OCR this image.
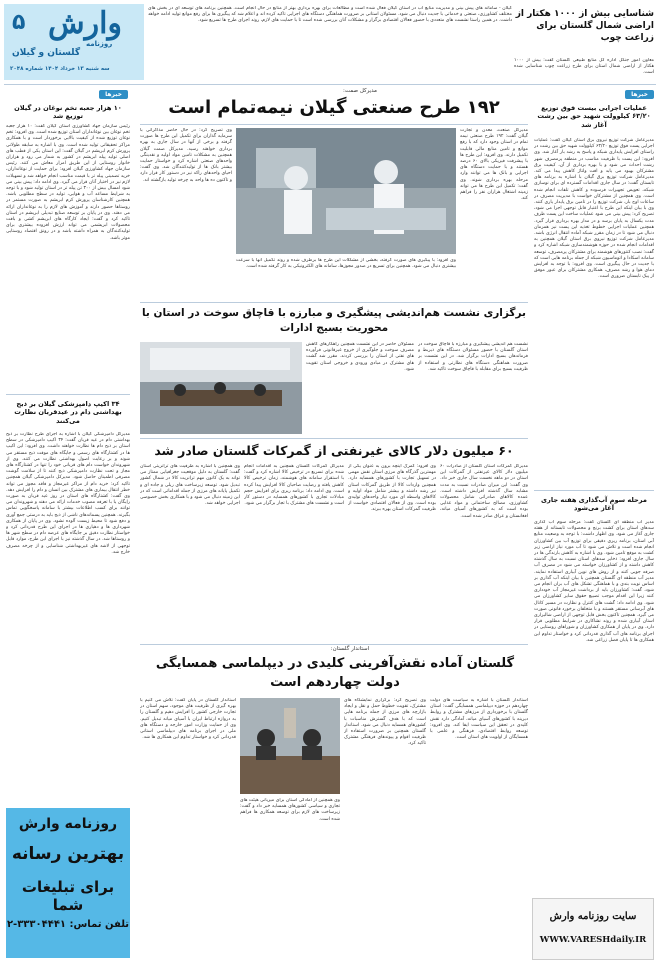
۵ وارش
روزنامه
گلستان و گیلان
سه شنبه ۱۳ خرداد ۱۴۰۴ شماره ۲۰۴۸
گیلان - سامانه های پیش بینی و مدیریت منابع آب در استان گیلان فعال شده است و مطالعات برای بهره برداری بهتر از منابع در حال انجام است. همچنین برنامه های توسعه ای در بخش های مختلف کشاورزی، صنعتی و خدماتی با جدیت دنبال می شود. مسئولان استانی بر ضرورت هماهنگی دستگاه های اجرایی تاکید کرده اند و اعلام شد که پیگیری ها برای رفع موانع تولید ادامه خواهد داشت. در همین راستا نشست های متعددی با حضور فعالان اقتصادی برگزار و مشکلات آنان بررسی شده است تا با حمایت های لازم، روند اجرای طرح ها تسریع شود.
شناسایی بیش از ۱۰۰۰ هکتار از اراضی شمال گلستان برای زراعت چوب
معاون امور جنگل اداره کل منابع طبیعی گلستان گفت: بیش از ۱۰۰۰ هکتار از اراضی شمال استان برای طرح زراعت چوب شناسایی شده است.
خبرها
عملیات اجرایی بیست فوق توزیع ۶۳/۲۰ کیلوولت شهید حق بین رشت آغاز شد
مدیرعامل شرکت توزیع نیروی برق استان گیلان گفت: عملیات اجرایی پست فوق توزیع ۶۳/۲۰ کیلوولت شهید حق بین رشت در راستای افزایش پایداری شبکه و پاسخ به رشد بار آغاز شد. وی افزود: این پست با ظرفیت مناسب در منطقه پرمصرف شهر رشت احداث می شود و با بهره برداری از آن، کیفیت برق مشترکان بهبود می یابد و افت ولتاژ کاهش پیدا می کند. مدیرعامل شرکت توزیع برق گیلان با اشاره به برنامه های تابستان گفت: در سال جاری اقدامات گسترده ای برای نوسازی شبکه، تعویض تجهیزات فرسوده و کاهش تلفات انجام شده است. وی همچنین از مشترکان خواست با مدیریت مصرف در ساعات اوج بار، شرکت توزیع را در تامین برق پایدار یاری کنند. وی با بیان اینکه این طرح با اعتبار قابل توجهی اجرا می شود، تصریح کرد: پیش بینی می شود عملیات ساخت این پست ظرف مدت یکسال به پایان برسد و در مدار بهره برداری قرار گیرد. همچنین عملیات اجرایی خطوط تغذیه این پست نیز همزمان دنبال می شود تا در زمان مقرر شبکه آماده انتقال انرژی باشد. مدیرعامل شرکت توزیع نیروی برق استان گیلان همچنین به اقدامات انجام شده در حوزه هوشمندسازی شبکه اشاره کرد و گفت: نصب کنتورهای هوشمند برای مشترکان پرمصرف، توسعه سامانه اسکادا و اتوماسیون شبکه از جمله برنامه هایی است که با جدیت در حال پیگیری است. وی افزود: با توجه به افزایش دمای هوا و رشد مصرف، همکاری مشترکان برای عبور موفق از پیک تابستان ضروری است.
مرحله سوم آب‌گذاری هفته جاری آغاز می‌شود
مدیر آب منطقه ای گلستان گفت: مرحله سوم آب گذاری سدهای استان برای کشت برنج و محصولات تابستانه از هفته جاری آغاز می شود. وی اظهار داشت: با توجه به وضعیت منابع آبی استان، برنامه ریزی دقیقی برای توزیع آب بین کشاورزان انجام شده است و تلاش می شود تا آب مورد نیاز اراضی زیر کشت به موقع تامین شود. وی با اشاره به کاهش بارندگی ها در سال جاری افزود: ذخایر سدهای استان نسبت به سال گذشته کاهش داشته و از کشاورزان خواسته می شود در مصرف آب صرفه جویی کنند و از روش های نوین آبیاری استفاده نمایند. مدیر آب منطقه ای گلستان همچنین با بیان اینکه آب گذاری بر اساس نوبت بندی و با هماهنگی تشکل های آب بران انجام می شود، گفت: کشاورزان باید از برداشت غیرمجاز آب خودداری کنند زیرا این اقدام موجب تضییع حقوق سایر کشاورزان می شود. وی ادامه داد: گشت های کنترل و نظارت در مسیر کانال های آبرسانی مستقر هستند و با متخلفان برخورد قانونی صورت می گیرد. همچنین تاکنون بخش قابل توجهی از اراضی شالیزاری استان آبیاری شده و روند نشاکاری در شرایط مطلوبی قرار دارد. وی در پایان از همکاری کشاورزان و شوراهای روستایی در اجرای برنامه های آب گذاری قدردانی کرد و خواستار تداوم این همکاری ها تا پایان فصل زراعی شد.
سایت روزنامه وارش
WWW.VARESHdaily.IR
خبرها
۱۰ هزار جعبه تخم نوغان در گیلان توزیع شد
رئیس سازمان جهاد کشاورزی استان گیلان گفت: ۱۰ هزار جعبه تخم نوغان بین نوغانداران استان توزیع شده است. وی افزود: تخم نوغان توزیع شده از کیفیت بالایی برخوردار است و با همکاری مراکز تحقیقاتی تولید شده است. وی با اشاره به سابقه طولانی پرورش کرم ابریشم در گیلان گفت: این استان یکی از قطب های اصلی تولید پیله ابریشم در کشور به شمار می رود و هزاران خانوار روستایی از این طریق امرار معاش می کنند. رئیس سازمان جهاد کشاورزی گیلان افزود: برای حمایت از نوغانداران، خرید تضمینی پیله تر با قیمت مناسب انجام خواهد شد و تسهیلات لازم نیز در اختیار آنان قرار می گیرد. وی ادامه داد: پیش بینی می شود امسال بیش از ۳۰۰ تن پیله تر در استان تولید شود و با توجه به شرایط مساعد آب و هوایی، تولید در سطح مطلوبی باشد. همچنین کارشناسان پرورش کرم ابریشم به صورت مستمر در روستاها حضور دارند و آموزش های لازم را به نوغانداران ارائه می دهند. وی در پایان بر توسعه صنایع تبدیلی ابریشم در استان تاکید کرد و گفت: ایجاد کارگاه های ابریشم کشی و بافت محصولات ابریشمی می تواند ارزش افزوده بیشتری برای تولیدکنندگان به همراه داشته باشد و در رونق اقتصاد روستایی موثر باشد.
۳۴ اکیپ دامپزشکی گیلان بر ذبح بهداشتی دام در عیدقربان نظارت می‌کنند
مدیرکل دامپزشکی گیلان با اشاره به اجرای طرح نظارت بر ذبح بهداشتی دام در عید قربان گفت: ۳۴ اکیپ دامپزشکی در سطح استان بر ذبح دام ها نظارت خواهند داشت. وی افزود: این اکیپ ها در کشتارگاه های رسمی و جایگاه های موقت ذبح مستقر می شوند و بر رعایت اصول بهداشتی نظارت می کنند. وی از شهروندان خواست دام های قربانی خود را تنها در کشتارگاه های مجاز و تحت نظارت دامپزشکی ذبح کنند تا از سلامت گوشت مصرفی اطمینان حاصل شود. مدیرکل دامپزشکی گیلان همچنین تاکید کرد: خرید دام از مراکز غیرمجاز و فاقد مجوز می تواند خطر انتقال بیماری های مشترک بین انسان و دام را افزایش دهد. وی گفت: کشتارگاه های استان در روز عید قربان به صورت رایگان یا با تعرفه مصوب خدمات ارائه می دهند و شهروندان می توانند برای کسب اطلاعات بیشتر با سامانه پاسخگویی تماس بگیرند. همچنین پسماندهای ناشی از ذبح باید به درستی جمع آوری و دفع شود تا محیط زیست آلوده نشود. وی در پایان از همکاری شهرداری ها و دهیاری ها در اجرای این طرح قدردانی کرد و خواستار نظارت دقیق بر جایگاه های عرضه دام در سطح شهر ها و روستاها شد. در سال گذشته نیز با اجرای این طرح، موارد قابل توجهی از لاشه های غیربهداشتی شناسایی و از چرخه مصرف خارج شد.
روزنامه وارش
بهترین رسانه
برای تبلیغات شما
تلفن تماس: ۳۳۳۰۴۴۴۱-۲
مدیرکل صمت:
۱۹۲ طرح صنعتی گیلان نیمه‌تمام است
مدیرکل صنعت، معدن و تجارت گیلان گفت: ۱۹۲ طرح صنعتی نیمه تمام در استان وجود دارد که با رفع موانع و تامین منابع مالی قابلیت تکمیل دارند. وی افزود: این طرح ها با پیشرفت فیزیکی بالای ۶۰ درصد هستند و با حمایت دستگاه های اجرایی و بانک ها می توانند وارد مرحله بهره برداری شوند. وی گفت: تکمیل این طرح ها می تواند زمینه اشتغال هزاران نفر را فراهم کند.
وی تصریح کرد: در حال حاضر مذاکراتی با سرمایه گذاران برای تکمیل این طرح ها صورت گرفته و برخی از آنها در سال جاری به بهره برداری خواهند رسید. مدیرکل صمت گیلان همچنین به مشکلات تامین مواد اولیه و نقدینگی واحدهای صنعتی اشاره کرد و خواستار حمایت بیشتر بانک ها از تولیدکنندگان شد. وی گفت: احیای واحدهای راکد نیز در دستور کار قرار دارد و تاکنون ده ها واحد به چرخه تولید بازگشته اند.
وی افزود: با پیگیری های صورت گرفته، بخشی از مشکلات این طرح ها برطرف شده و روند تکمیل آنها با سرعت بیشتری دنبال می شود. همچنین برای تسریع در صدور مجوزها، سامانه های الکترونیکی به کار گرفته شده است.
برگزاری نشست هم‌اندیشی پیشگیری و مبارزه با قاچاق سوخت در استان با محوریت بسیج ادارات
نشست هم اندیشی پیشگیری و مبارزه با قاچاق سوخت در استان گلستان با حضور مسئولان دستگاه های ذیربط و فرماندهان بسیج ادارات برگزار شد. در این نشست بر ضرورت هماهنگی دستگاه های نظارتی و استفاده از ظرفیت بسیج برای مقابله با قاچاق سوخت تاکید شد.
مسئولان حاضر در این نشست همچنین راهکارهای کاهش مصرف سوخت و جلوگیری از خروج غیرقانونی فرآورده های نفتی از استان را بررسی کردند. مقرر شد گشت های مشترک در مبادی ورودی و خروجی استان تقویت شود.
۶۰ میلیون دلار کالای غیرنفتی از گمرکات گلستان صادر شد
مدیرکل گمرکات استان گلستان از صادرات ۶۰ میلیون دلار کالای غیرنفتی از گمرکات این استان در دو ماهه نخست سال جاری خبر داد. وی گفت: این میزان صادرات نسبت به مدت مشابه سال گذشته افزایش داشته است. عمده کالاهای صادراتی شامل محصولات کشاورزی، مصالح ساختمانی و مواد غذایی بوده است که به کشورهای آسیای میانه، افغانستان و عراق صادر شده است.
وی افزود: گمرک اینچه برون به عنوان یکی از مهمترین گذرگاه های مرزی استان نقش مهمی در تسهیل تجارت با کشورهای همسایه دارد. همچنین واردات کالا از طریق گمرکات استان نیز رشد داشته و بیشتر شامل مواد اولیه و کالاهای واسطه ای مورد نیاز واحدهای تولیدی بوده است. وی از فعالان اقتصادی خواست از ظرفیت گمرکات استان بهره ببرند.
مدیرکل گمرکات گلستان همچنین به اقدامات انجام شده برای تسریع در ترخیص کالا اشاره کرد و گفت: با استقرار سامانه های هوشمند، زمان ترخیص کالا کاهش یافته و رضایت صاحبان کالا افزایش پیدا کرده است. وی ادامه داد: برنامه ریزی برای افزایش حجم مبادلات تجاری با کشورهای همسایه در دستور کار است و نشست های مشترک با تجار برگزار می شود.
وی همچنین با اشاره به ظرفیت های ترانزیتی استان گفت: گلستان به دلیل موقعیت جغرافیایی ممتاز می تواند به یک کانون مهم ترانزیت کالا در شمال کشور تبدیل شود. توسعه زیرساخت های ریلی و جاده ای و تکمیل پایانه های مرزی از جمله اقداماتی است که در این زمینه دنبال می شود و با همکاری بخش خصوصی اجرایی خواهد شد.
استاندار گلستان:
گلستان آماده نقش‌آفرینی کلیدی در دیپلماسی همسایگی دولت چهاردهم است
استاندار گلستان با اشاره به سیاست های دولت چهاردهم در حوزه دیپلماسی همسایگی گفت: استان گلستان با برخورداری از مرزهای مشترک و روابط دیرینه با کشورهای آسیای میانه، آمادگی دارد نقش کلیدی در تحقق این سیاست ایفا کند. وی افزود: توسعه روابط اقتصادی، فرهنگی و علمی با همسایگان از اولویت های استان است.
وی تصریح کرد: برگزاری نمایشگاه های مشترک، تقویت خطوط حمل و نقل و ایجاد بازارچه های مرزی از جمله برنامه هایی است که با هدف گسترش مناسبات با کشورهای همسایه دنبال می شود. استاندار گلستان همچنین بر ضرورت استفاده از ظرفیت اقوام و پیوندهای فرهنگی مشترک تاکید کرد.
وی همچنین از آمادگی استان برای میزبانی هیئت های تجاری و سیاسی کشورهای همسایه خبر داد و گفت: زیرساخت های لازم برای توسعه همکاری ها فراهم شده است.
استاندار گلستان در پایان گفت: تلاش می کنیم با بهره گیری از ظرفیت های موجود، سهم استان در تجارت خارجی کشور را افزایش دهیم و گلستان را به دروازه ارتباط ایران با آسیای میانه تبدیل کنیم. وی از حمایت وزارت امور خارجه و دستگاه های ملی در اجرای برنامه های دیپلماسی استانی قدردانی کرد و خواستار تداوم این همکاری ها شد.
